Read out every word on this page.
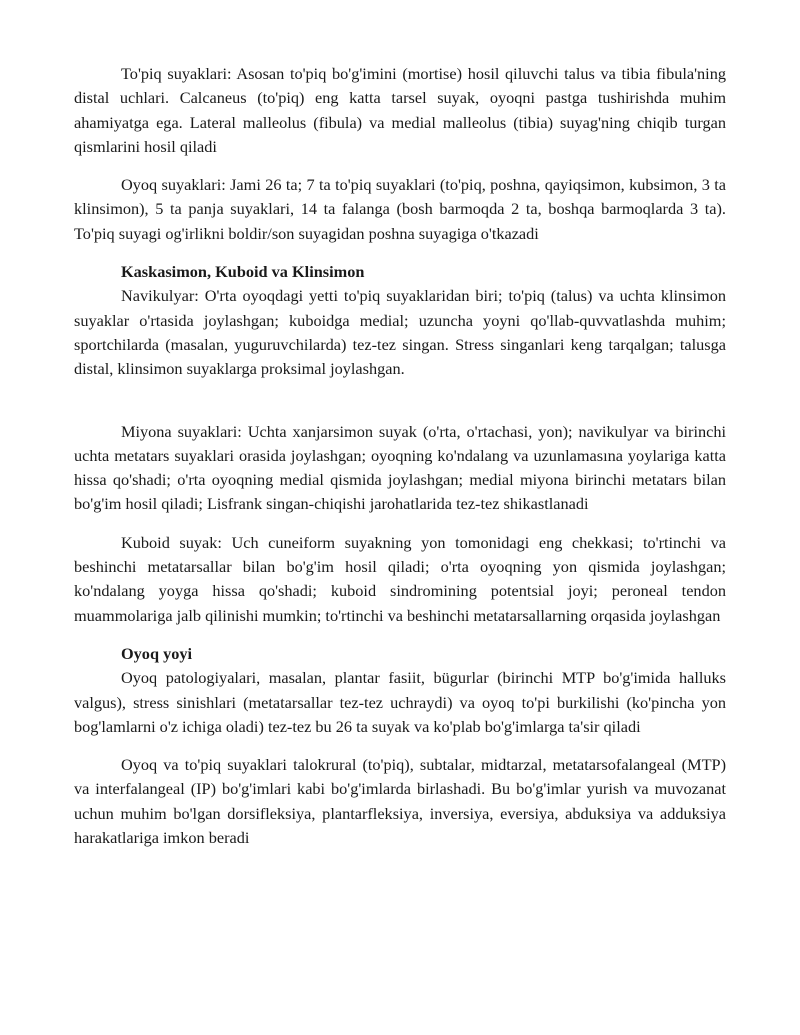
To'piq suyaklari: Asosan to'piq bo'g'imini (mortise) hosil qiluvchi talus va tibia fibula'ning distal uchlari. Calcaneus (to'piq) eng katta tarsel suyak, oyoqni pastga tushirishda muhim ahamiyatga ega. Lateral malleolus (fibula) va medial malleolus (tibia) suyag'ning chiqib turgan qismlarini hosil qiladi

Oyoq suyaklari: Jami 26 ta; 7 ta to'piq suyaklari (to'piq, poshna, qayiqsimon, kubsimon, 3 ta klinsimon), 5 ta panja suyaklari, 14 ta falanga (bosh barmoqda 2 ta, boshqa barmoqlarda 3 ta). To'piq suyagi og'irlikni boldir/son suyagidan poshna suyagiga o'tkazadi

Kaskasimon, Kuboid va Klinsimon

Navikulyar: O'rta oyoqdagi yetti to'piq suyaklaridan biri; to'piq (talus) va uchta klinsimon suyaklar o'rtasida joylashgan; kuboidga medial; uzuncha yoyni qo'llab-quvvatlashda muhim; sportchilarda (masalan, yuguruvchilarda) tez-tez singan. Stress singanlari keng tarqalgan; talusga distal, klinsimon suyaklarga proksimal joylashgan.

Miyona suyaklari: Uchta xanjarsimon suyak (o'rta, o'rtachasi, yon); navikulyar va birinchi uchta metatars suyaklari orasida joylashgan; oyoqning ko'ndalang va uzunlamasına yoylariga katta hissa qo'shadi; o'rta oyoqning medial qismida joylashgan; medial miyona birinchi metatars bilan bo'g'im hosil qiladi; Lisfrank singan-chiqishi jarohatlarida tez-tez shikastlanadi

Kuboid suyak: Uch cuneiform suyakning yon tomonidagi eng chekkasi; to'rtinchi va beshinchi metatarsallar bilan bo'g'im hosil qiladi; o'rta oyoqning yon qismida joylashgan; ko'ndalang yoyga hissa qo'shadi; kuboid sindromining potentsial joyi; peroneal tendon muammolariga jalb qilinishi mumkin; to'rtinchi va beshinchi metatarsallarning orqasida joylashgan

Oyoq yoyi

Oyoq patologiyalari, masalan, plantar fasiit, bügurlar (birinchi MTP bo'g'imida halluks valgus), stress sinishlari (metatarsallar tez-tez uchraydi) va oyoq to'pi burkilishi (ko'pincha yon bog'lamlarni o'z ichiga oladi) tez-tez bu 26 ta suyak va ko'plab bo'g'imlarga ta'sir qiladi

Oyoq va to'piq suyaklari talokrural (to'piq), subtalar, midtarzal, metatarsofalangeal (MTP) va interfalangeal (IP) bo'g'imlari kabi bo'g'imlarda birlashadi. Bu bo'g'imlar yurish va muvozanat uchun muhim bo'lgan dorsifleksiya, plantarfleksiya, inversiya, eversiya, abduksiya va adduksiya harakatlariga imkon beradi
